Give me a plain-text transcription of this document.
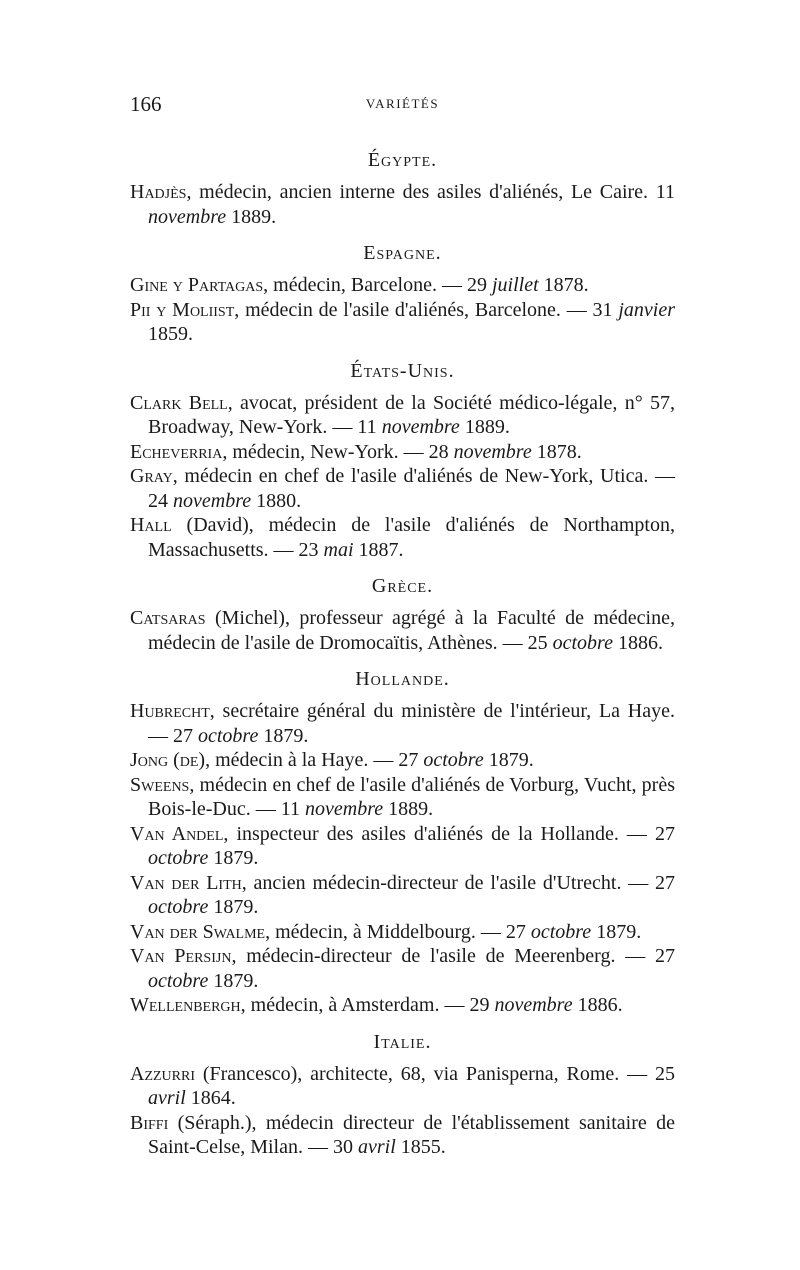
166	VARIÉTÉS
Égypte.

Hadjès, médecin, ancien interne des asiles d'aliénés, Le Caire. 11 novembre 1889.

Espagne.

Gine y Partagas, médecin, Barcelone. — 29 juillet 1878.

Pii y Moliist, médecin de l'asile d'aliénés, Barcelone. — 31 janvier 1859.

États-Unis.

Clark Bell, avocat, président de la Société médico-légale, n° 57, Broadway, New-York. — 11 novembre 1889.

Echeverria, médecin, New-York. — 28 novembre 1878.

Gray, médecin en chef de l'asile d'aliénés de New-York, Utica. — 24 novembre 1880.

Hall (David), médecin de l'asile d'aliénés de Northampton, Massachusetts. — 23 mai 1887.

Grèce.

Catsaras (Michel), professeur agrégé à la Faculté de médecine, médecin de l'asile de Dromocaïtis, Athènes. — 25 octobre 1886.

Hollande.

Hubrecht, secrétaire général du ministère de l'intérieur, La Haye. — 27 octobre 1879.

Jong (de), médecin à la Haye. — 27 octobre 1879.

Sweens, médecin en chef de l'asile d'aliénés de Vorburg, Vucht, près Bois-le-Duc. — 11 novembre 1889.

Van Andel, inspecteur des asiles d'aliénés de la Hollande. — 27 octobre 1879.

Van der Lith, ancien médecin-directeur de l'asile d'Utrecht. — 27 octobre 1879.

Van der Swalme, médecin, à Middelbourg. — 27 octobre 1879.

Van Persijn, médecin-directeur de l'asile de Meerenberg. — 27 octobre 1879.

Wellenbergh, médecin, à Amsterdam. — 29 novembre 1886.

Italie.

Azzurri (Francesco), architecte, 68, via Panisperna, Rome. — 25 avril 1864.

Biffi (Séraph.), médecin directeur de l'établissement sanitaire de Saint-Celse, Milan. — 30 avril 1855.
